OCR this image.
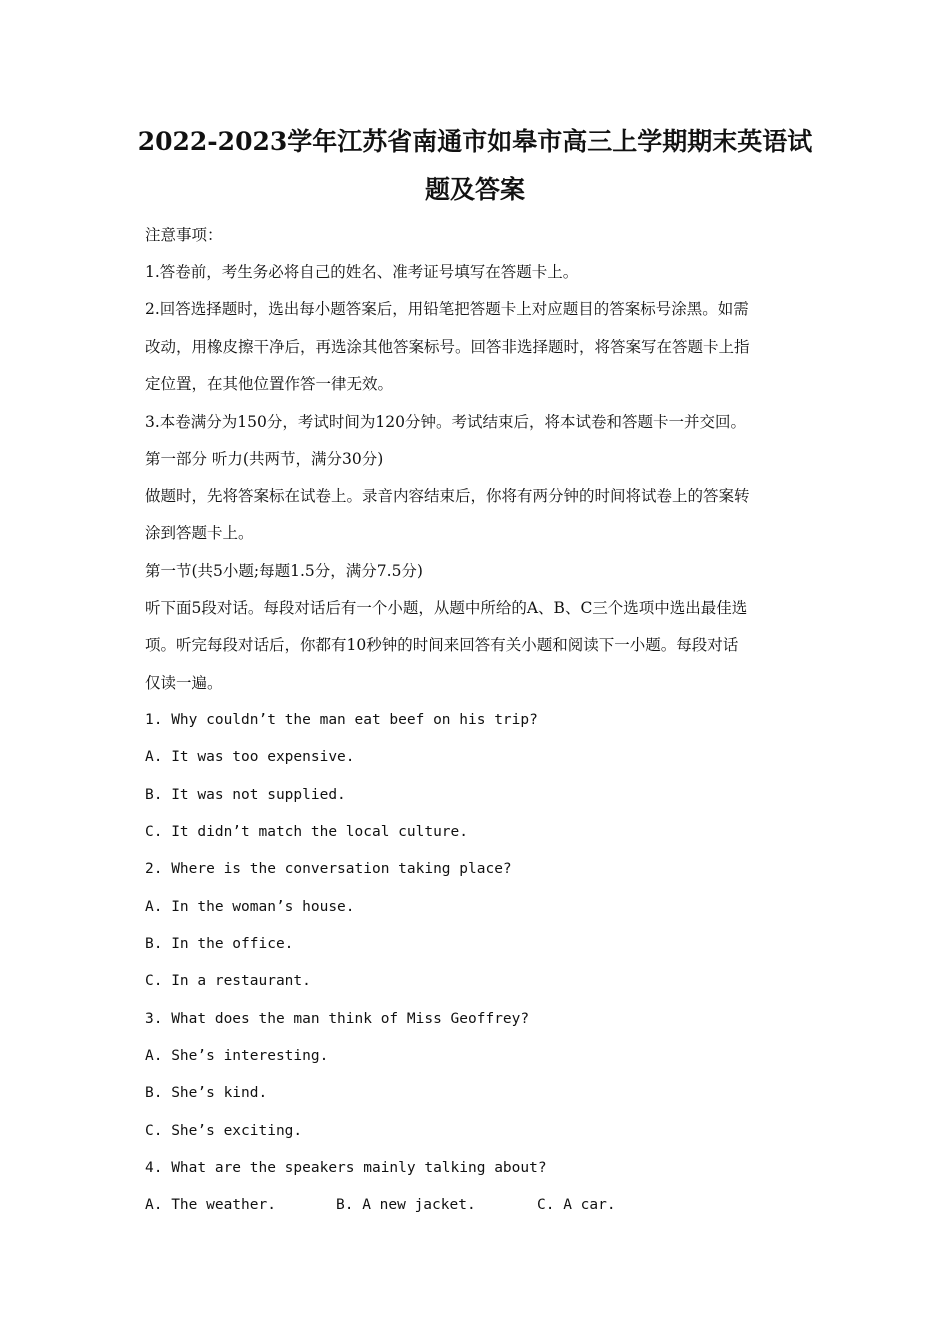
2022-2023学年江苏省南通市如皋市高三上学期期末英语试
题及答案
注意事项：
1.答卷前，考生务必将自己的姓名、准考证号填写在答题卡上。
2.回答选择题时，选出每小题答案后，用铅笔把答题卡上对应题目的答案标号涂黑。如需
改动，用橡皮擦干净后，再选涂其他答案标号。回答非选择题时，将答案写在答题卡上指
定位置，在其他位置作答一律无效。
3.本卷满分为150分，考试时间为120分钟。考试结束后，将本试卷和答题卡一并交回。
第一部分 听力(共两节，满分30分)
做题时，先将答案标在试卷上。录音内容结束后，你将有两分钟的时间将试卷上的答案转
涂到答题卡上。
第一节(共5小题;每题1.5分，满分7.5分)
听下面5段对话。每段对话后有一个小题，从题中所给的A、B、C三个选项中选出最佳选
项。听完每段对话后，你都有10秒钟的时间来回答有关小题和阅读下一小题。每段对话
仅读一遍。
1. Why couldn’t the man eat beef on his trip?
A. It was too expensive.
B. It was not supplied.
C. It didn’t match the local culture.
2. Where is the conversation taking place?
A. In the woman’s house.
B. In the office.
C. In a restaurant.
3. What does the man think of Miss Geoffrey?
A. She’s interesting.
B. She’s kind.
C. She’s exciting.
4. What are the speakers mainly talking about?
A. The weather.	B. A new jacket.	C. A car.
